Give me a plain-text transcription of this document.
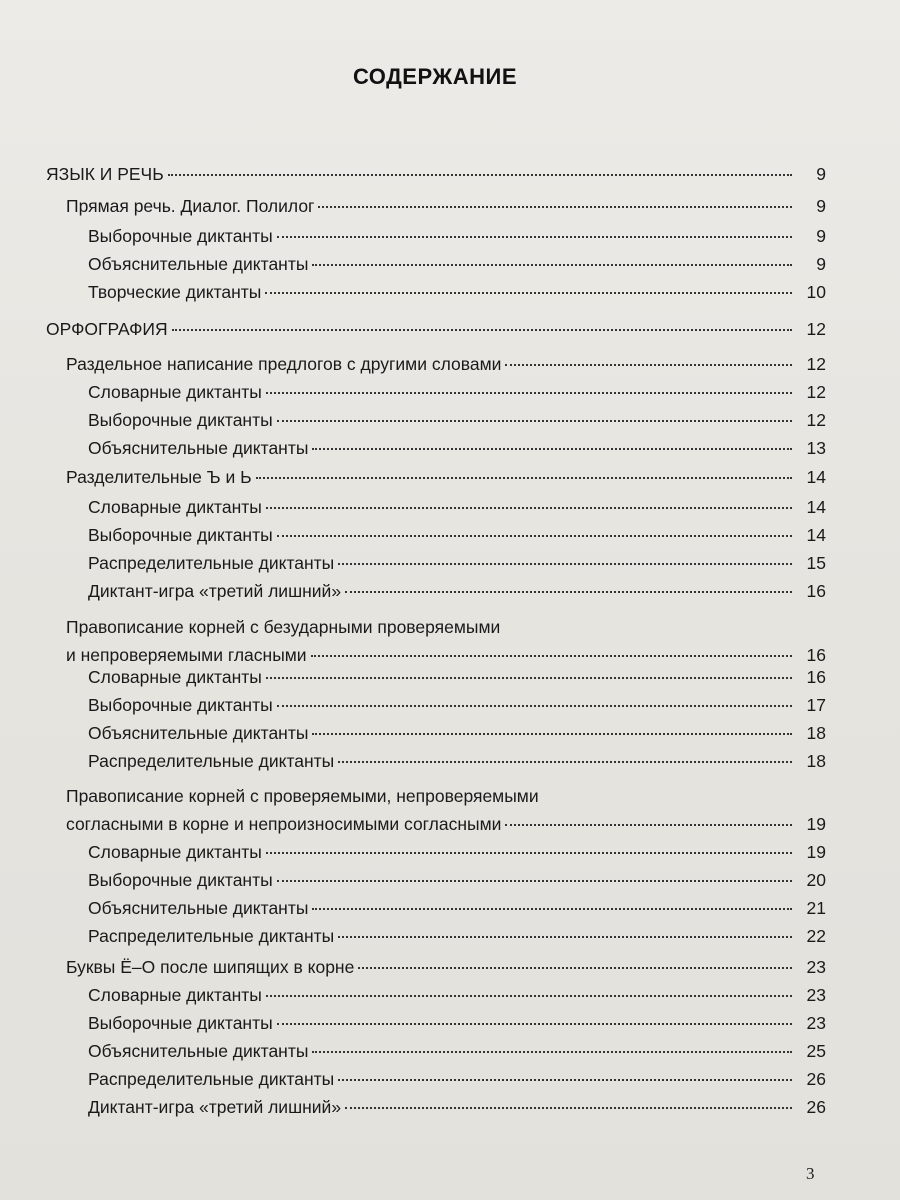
СОДЕРЖАНИЕ
ЯЗЫК И РЕЧЬ	9
Прямая речь. Диалог. Полилог	9
Выборочные диктанты	9
Объяснительные диктанты	9
Творческие диктанты	10
ОРФОГРАФИЯ	12
Раздельное написание предлогов с другими словами	12
Словарные диктанты	12
Выборочные диктанты	12
Объяснительные диктанты	13
Разделительные Ъ и Ь	14
Словарные диктанты	14
Выборочные диктанты	14
Распределительные диктанты	15
Диктант-игра «третий лишний»	16
Правописание корней с безударными проверяемыми
и непроверяемыми гласными	16
Словарные диктанты	16
Выборочные диктанты	17
Объяснительные диктанты	18
Распределительные диктанты	18
Правописание корней с проверяемыми, непроверяемыми
согласными в корне и непроизносимыми согласными	19
Словарные диктанты	19
Выборочные диктанты	20
Объяснительные диктанты	21
Распределительные диктанты	22
Буквы Ё–О после шипящих в корне	23
Словарные диктанты	23
Выборочные диктанты	23
Объяснительные диктанты	25
Распределительные диктанты	26
Диктант-игра «третий лишний»	26
3
